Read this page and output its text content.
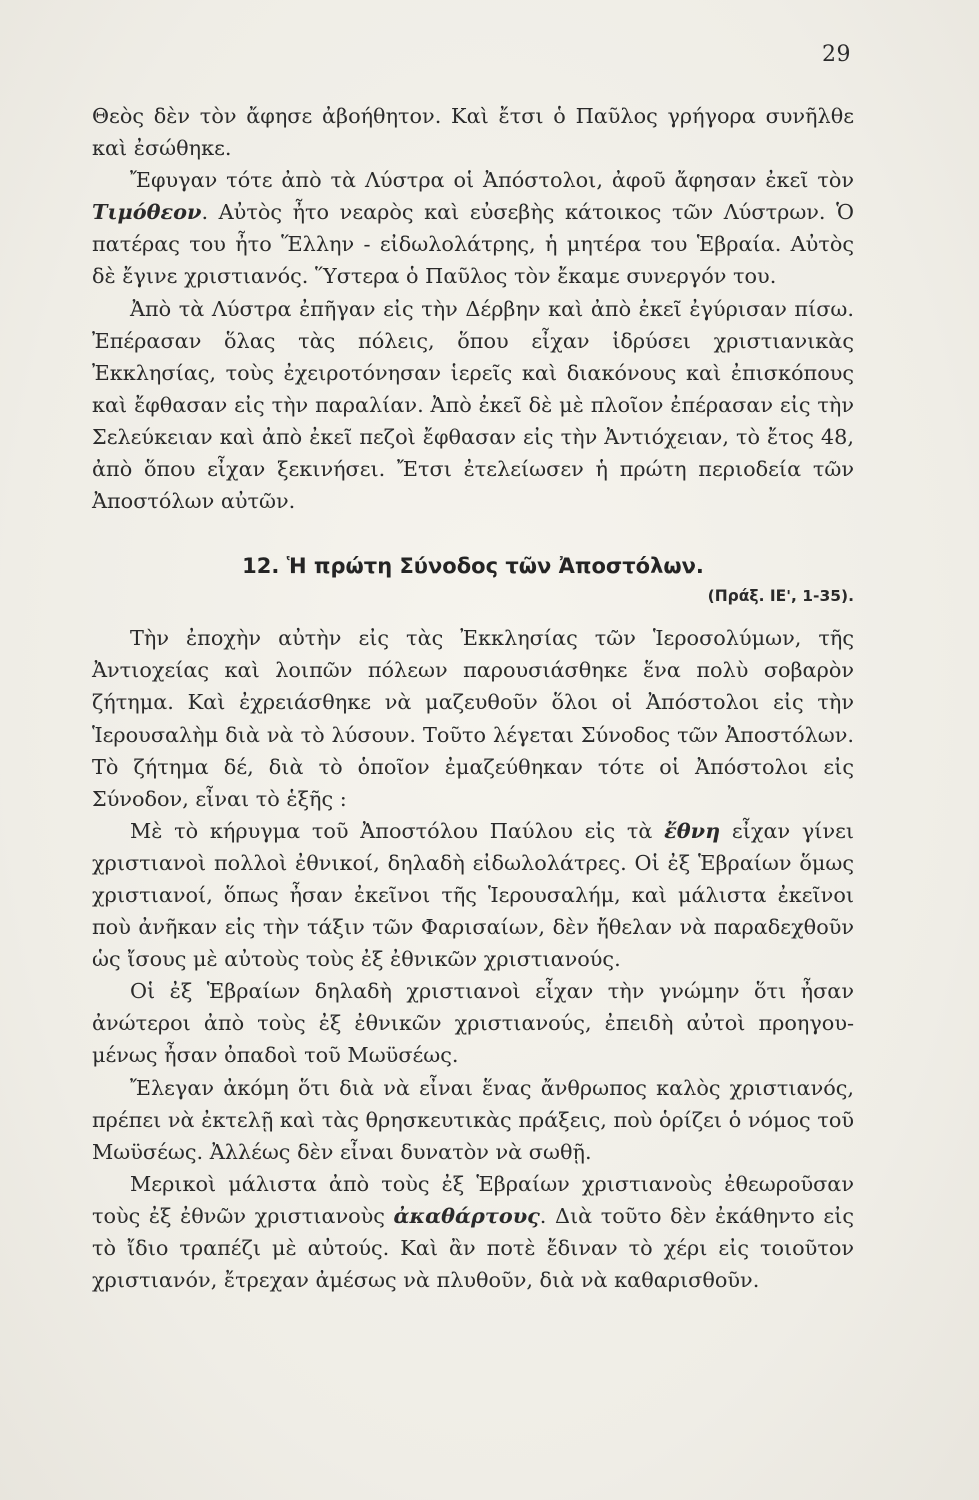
29

Θεὸς δὲν τὸν ἄφησε ἀβοήθητον. Καὶ ἔτσι ὁ Παῦλος γρήγορα συνῆλθε καὶ ἐσώθηκε.

Ἔφυγαν τότε ἀπὸ τὰ Λύστρα οἱ Ἀπόστολοι, ἀφοῦ ἄφησαν ἐκεῖ τὸν Τιμόθεον. Αὐτὸς ἦτο νεαρὸς καὶ εὐσεβὴς κάτοικος τῶν Λύστρων. Ὁ πατέρας του ἦτο Ἕλλην - εἰδωλολάτρης, ἡ μητέρα του Ἑβραία. Αὐτὸς δὲ ἔγινε χριστιανός. Ὕστερα ὁ Παῦλος τὸν ἔκαμε συνεργόν του.

Ἀπὸ τὰ Λύστρα ἐπῆγαν εἰς τὴν Δέρβην καὶ ἀπὸ ἐκεῖ ἐγύρισαν πίσω. Ἐπέρασαν ὅλας τὰς πόλεις, ὅπου εἶχαν ἱδρύσει χριστιανικὰς Ἐκκλησίας, τοὺς ἐχειροτόνησαν ἱερεῖς καὶ διακόνους καὶ ἐπισκόπους καὶ ἔφθασαν εἰς τὴν παραλίαν. Ἀπὸ ἐκεῖ δὲ μὲ πλοῖον ἐπέρασαν εἰς τὴν Σελεύκειαν καὶ ἀπὸ ἐκεῖ πεζοὶ ἔφθασαν εἰς τὴν Ἀντιόχειαν, τὸ ἔτος 48, ἀπὸ ὅπου εἶχαν ξεκινήσει. Ἔτσι ἐτελείωσεν ἡ πρώτη περιοδεία τῶν Ἀποστόλων αὐτῶν.

12. Ἡ πρώτη Σύνοδος τῶν Ἀποστόλων.
(Πράξ. ΙΕ', 1-35).

Τὴν ἐποχὴν αὐτὴν εἰς τὰς Ἐκκλησίας τῶν Ἱεροσολύμων, τῆς Ἀντιοχείας καὶ λοιπῶν πόλεων παρουσιάσθηκε ἕνα πολὺ σοβαρὸν ζήτημα. Καὶ ἐχρειάσθηκε νὰ μαζευθοῦν ὅλοι οἱ Ἀπόστολοι εἰς τὴν Ἱερουσαλὴμ διὰ νὰ τὸ λύσουν. Τοῦτο λέγεται Σύνοδος τῶν Ἀποστόλων. Τὸ ζήτημα δέ, διὰ τὸ ὁποῖον ἐμαζεύθηκαν τότε οἱ Ἀπόστολοι εἰς Σύνοδον, εἶναι τὸ ἑξῆς :

Μὲ τὸ κήρυγμα τοῦ Ἀποστόλου Παύλου εἰς τὰ ἔθνη εἶχαν γίνει χριστιανοὶ πολλοὶ ἐθνικοί, δηλαδὴ εἰδωλολάτρες. Οἱ ἐξ Ἑβραίων ὅμως χριστιανοί, ὅπως ἦσαν ἐκεῖνοι τῆς Ἱερουσαλήμ, καὶ μάλιστα ἐκεῖνοι ποὺ ἀνῆκαν εἰς τὴν τάξιν τῶν Φαρισαίων, δὲν ἤθελαν νὰ παραδεχθοῦν ὡς ἴσους μὲ αὐτοὺς τοὺς ἐξ ἐθνικῶν χριστιανούς.

Οἱ ἐξ Ἑβραίων δηλαδὴ χριστιανοὶ εἶχαν τὴν γνώμην ὅτι ἦσαν ἀνώτεροι ἀπὸ τοὺς ἐξ ἐθνικῶν χριστιανούς, ἐπειδὴ αὐτοὶ προηγουμένως ἦσαν ὀπαδοὶ τοῦ Μωϋσέως.

Ἔλεγαν ἀκόμη ὅτι διὰ νὰ εἶναι ἕνας ἄνθρωπος καλὸς χριστιανός, πρέπει νὰ ἐκτελῇ καὶ τὰς θρησκευτικὰς πράξεις, ποὺ ὁρίζει ὁ νόμος τοῦ Μωϋσέως. Ἀλλέως δὲν εἶναι δυνατὸν νὰ σωθῇ.

Μερικοὶ μάλιστα ἀπὸ τοὺς ἐξ Ἑβραίων χριστιανοὺς ἐθεωροῦσαν τοὺς ἐξ ἐθνῶν χριστιανοὺς ἀκαθάρτους. Διὰ τοῦτο δὲν ἐκάθηντο εἰς τὸ ἴδιο τραπέζι μὲ αὐτούς. Καὶ ἂν ποτὲ ἔδιναν τὸ χέρι εἰς τοιοῦτον χριστιανόν, ἔτρεχαν ἀμέσως νὰ πλυθοῦν, διὰ νὰ καθαρισθοῦν.
